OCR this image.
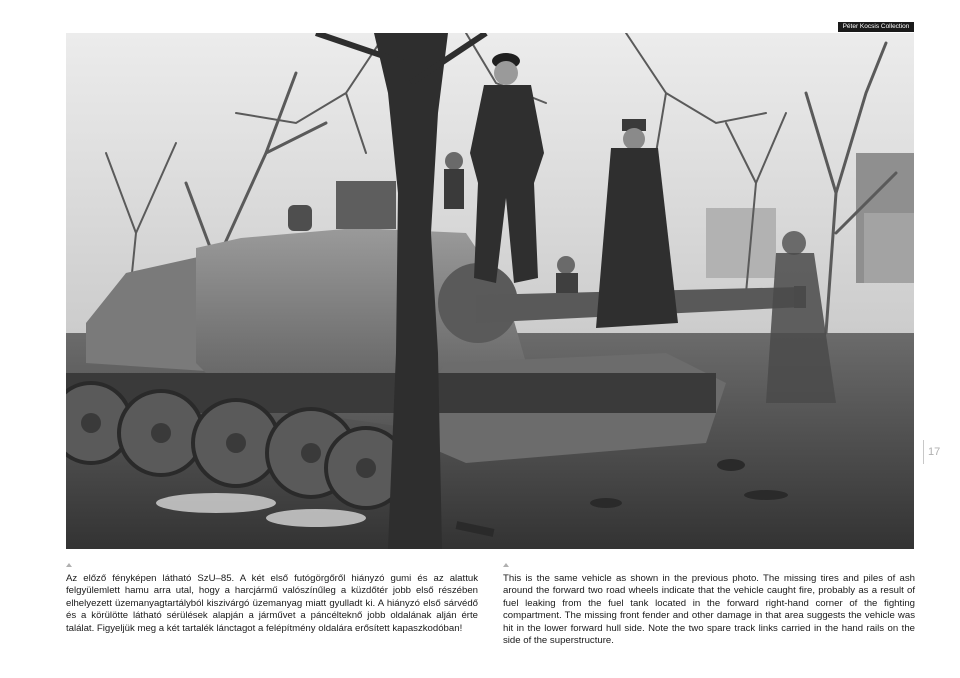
Péter Kocsis Collection
17

Az előző fényképen látható SzU–85. A két első futógörgőről hiányzó gumi és az alattuk felgyülemlett hamu arra utal, hogy a harcjármű valószínűleg a küzdőtér jobb első részében elhelyezett üzemanyagtartályból kiszivárgó üzemanyag miatt gyulladt ki. A hiányzó első sárvédő és a körülötte látható sérülések alapján a járművet a páncélteknő jobb oldalának alján érte találat. Figyeljük meg a két tartalék lánctagot a felépítmény oldalára erősített kapaszkodóban!

This is the same vehicle as shown in the previous photo. The missing tires and piles of ash around the forward two road wheels indicate that the vehicle caught fire, probably as a result of fuel leaking from the fuel tank located in the forward right-hand corner of the fighting compartment. The missing front fender and other damage in that area suggests the vehicle was hit in the lower forward hull side. Note the two spare track links carried in the hand rails on the side of the superstructure.
